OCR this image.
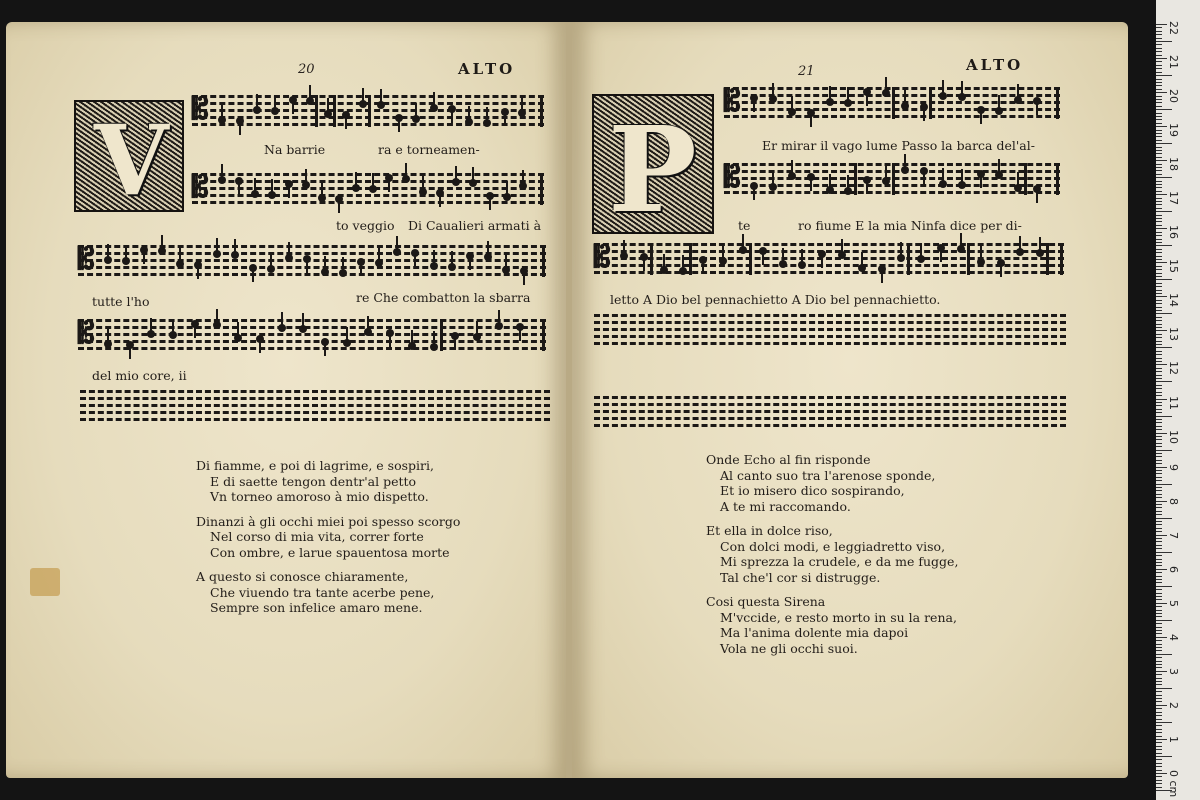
20	ALTO
V 𝄡
Na barrie	ra e torneamen-
𝄡
to veggio Di Caualieri armati à
𝄡
tutte l'ho	re Che combatton la sbarra
𝄡
del mio core, ii
Di fiamme, e poi di lagrime, e sospiri,
E di saette tengon dentr'al petto
Vn torneo amoroso à mio dispetto.
Dinanzi à gli occhi miei poi spesso scorgo
Nel corso di mia vita, correr forte
Con ombre, e larue spauentosa morte
A questo si conosce chiaramente,
Che viuendo tra tante acerbe pene,
Sempre son infelice amaro mene.
21	ALTO
P 𝄡
Er mirar il vago lume Passo la barca del'al-
𝄡
te	ro fiume E la mia Ninfa dice per di-
𝄡
letto A Dio bel pennachietto A Dio bel pennachietto.
Onde Echo al fin risponde
Al canto suo tra l'arenose sponde,
Et io misero dico sospirando,
A te mi raccomando.
Et ella in dolce riso,
Con dolci modi, e leggiadretto viso,
Mi sprezza la crudele, e da me fugge,
Tal che'l cor si distrugge.
Cosi questa Sirena
M'vccide, e resto morto in su la rena,
Ma l'anima dolente mia dapoi
Vola ne gli occhi suoi.
0 cm
1
2
3
4
5
6
7
8
9
10
11
12
13
14
15
16
17
18
19
20
21
22
